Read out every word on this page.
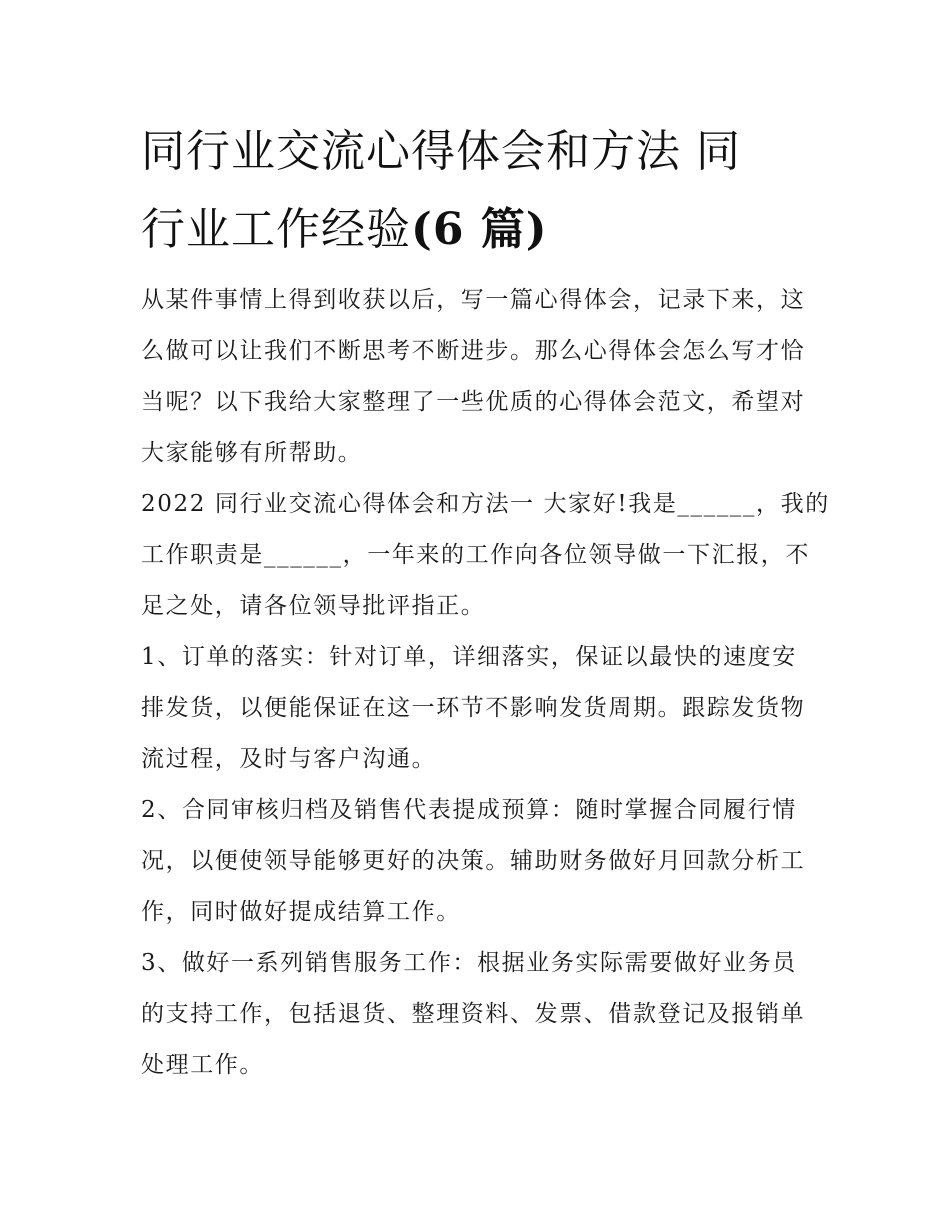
同行业交流心得体会和方法 同
行业工作经验(6 篇)
从某件事情上得到收获以后，写一篇心得体会，记录下来，这
么做可以让我们不断思考不断进步。那么心得体会怎么写才恰
当呢？以下我给大家整理了一些优质的心得体会范文，希望对
大家能够有所帮助。
2022 同行业交流心得体会和方法一 大家好!我是______，我的
工作职责是______，一年来的工作向各位领导做一下汇报，不
足之处，请各位领导批评指正。
1、订单的落实：针对订单，详细落实，保证以最快的速度安
排发货，以便能保证在这一环节不影响发货周期。跟踪发货物
流过程，及时与客户沟通。
2、合同审核归档及销售代表提成预算：随时掌握合同履行情
况，以便使领导能够更好的决策。辅助财务做好月回款分析工
作，同时做好提成结算工作。
3、做好一系列销售服务工作：根据业务实际需要做好业务员
的支持工作，包括退货、整理资料、发票、借款登记及报销单
处理工作。
